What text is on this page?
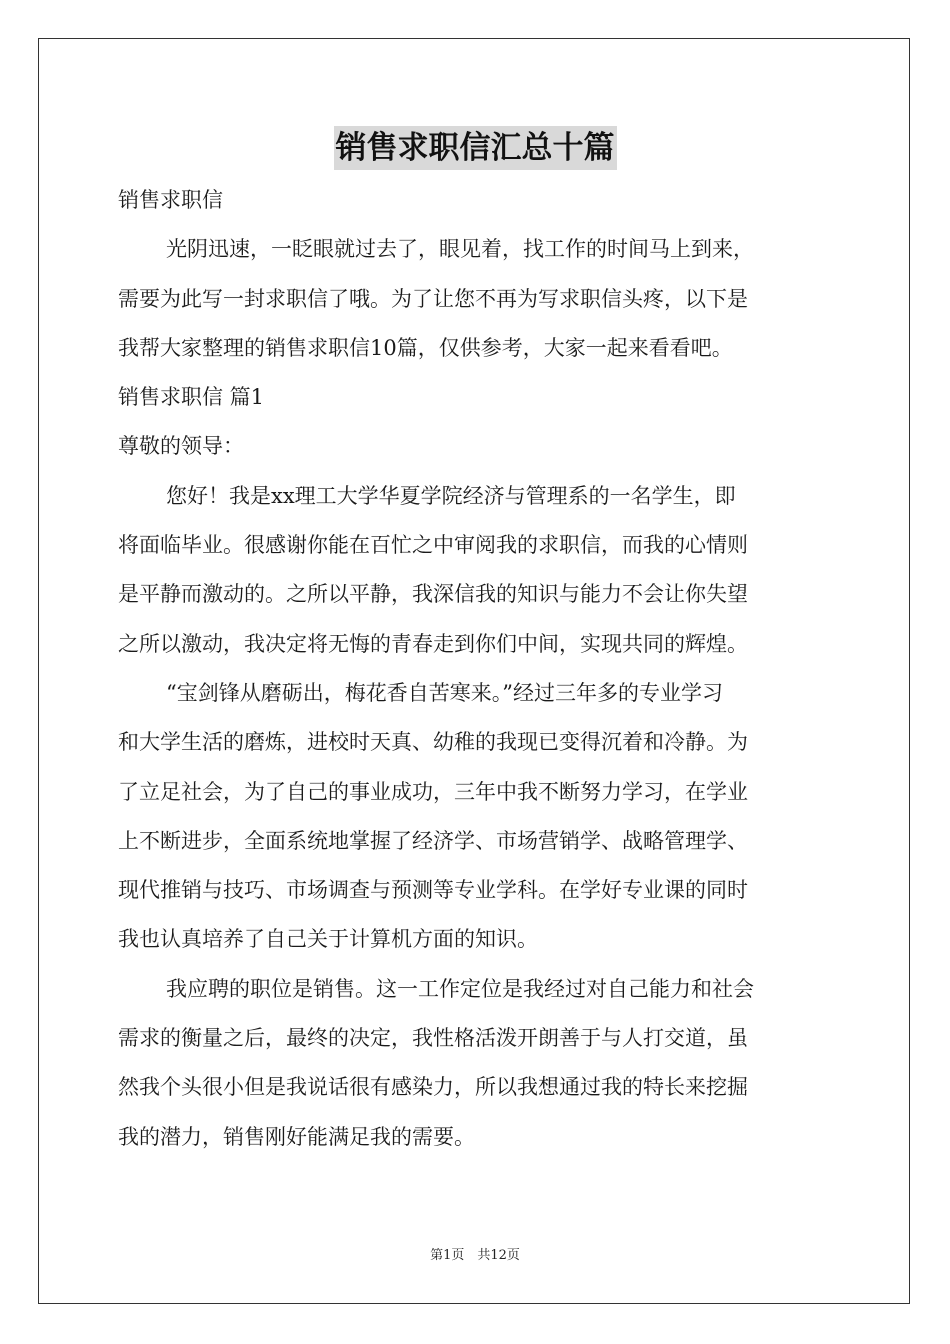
销售求职信汇总十篇
销售求职信
光阴迅速，一眨眼就过去了，眼见着，找工作的时间马上到来，
需要为此写一封求职信了哦。为了让您不再为写求职信头疼，以下是
我帮大家整理的销售求职信10篇，仅供参考，大家一起来看看吧。
销售求职信 篇1
尊敬的领导：
您好！我是xx理工大学华夏学院经济与管理系的一名学生，即
将面临毕业。很感谢你能在百忙之中审阅我的求职信，而我的心情则
是平静而激动的。之所以平静，我深信我的知识与能力不会让你失望
之所以激动，我决定将无悔的青春走到你们中间，实现共同的辉煌。
“宝剑锋从磨砺出，梅花香自苦寒来。”经过三年多的专业学习
和大学生活的磨炼，进校时天真、幼稚的我现已变得沉着和冷静。为
了立足社会，为了自己的事业成功，三年中我不断努力学习，在学业
上不断进步，全面系统地掌握了经济学、市场营销学、战略管理学、
现代推销与技巧、市场调查与预测等专业学科。在学好专业课的同时
我也认真培养了自己关于计算机方面的知识。
我应聘的职位是销售。这一工作定位是我经过对自己能力和社会
需求的衡量之后，最终的决定，我性格活泼开朗善于与人打交道，虽
然我个头很小但是我说话很有感染力，所以我想通过我的特长来挖掘
我的潜力，销售刚好能满足我的需要。
第1页　共12页
